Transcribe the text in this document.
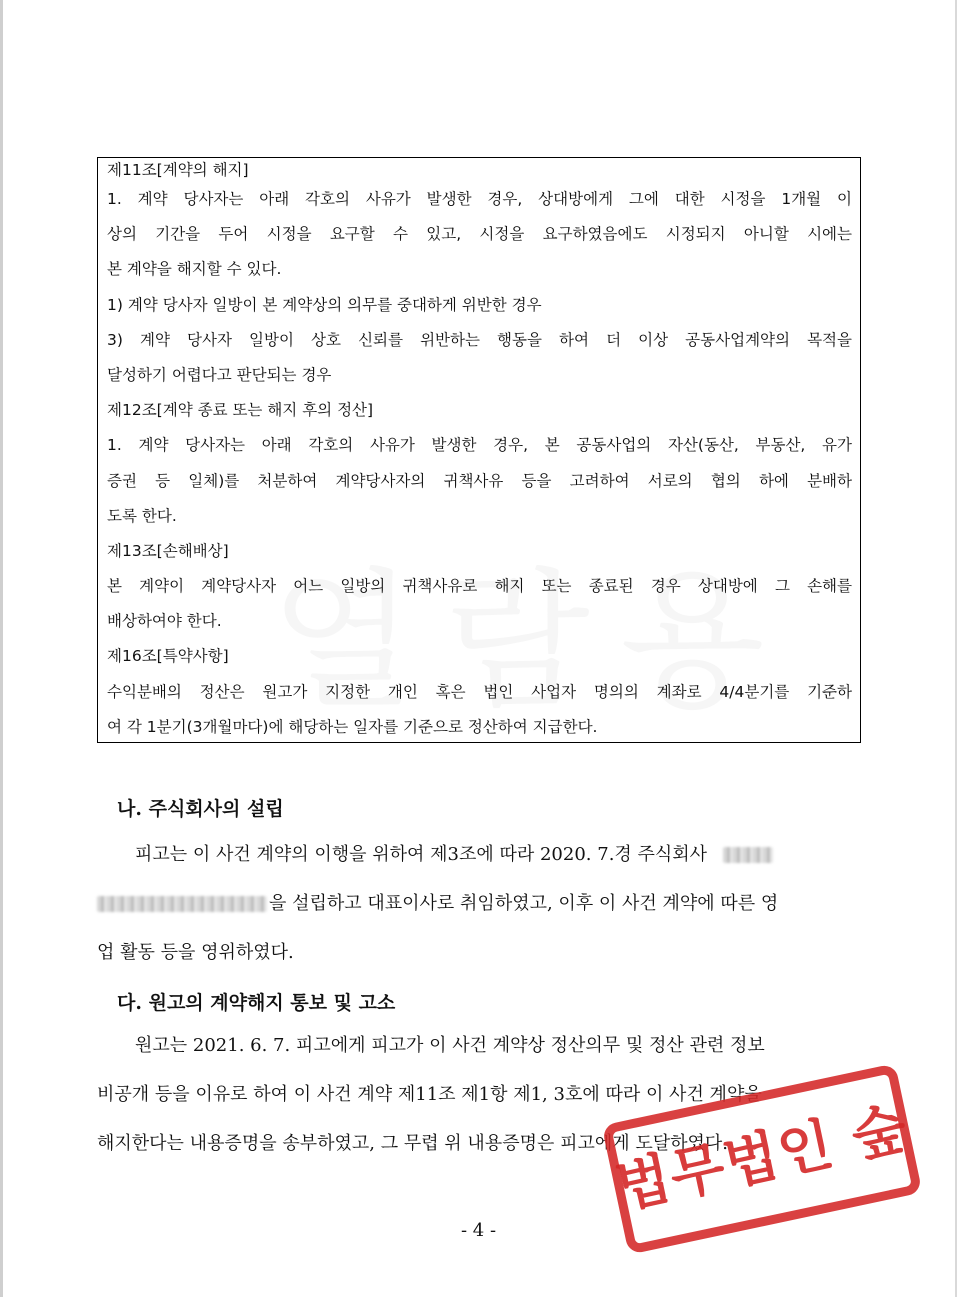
제11조[계약의 해지]
1. 계약 당사자는 아래 각호의 사유가 발생한 경우, 상대방에게 그에 대한 시정을 1개월 이
상의 기간을 두어 시정을 요구할 수 있고, 시정을 요구하였음에도 시정되지 아니할 시에는
본 계약을 해지할 수 있다.
1) 계약 당사자 일방이 본 계약상의 의무를 중대하게 위반한 경우
3) 계약 당사자 일방이 상호 신뢰를 위반하는 행동을 하여 더 이상 공동사업계약의 목적을
달성하기 어렵다고 판단되는 경우
제12조[계약 종료 또는 해지 후의 정산]
1. 계약 당사자는 아래 각호의 사유가 발생한 경우, 본 공동사업의 자산(동산, 부동산, 유가
증권 등 일체)를 처분하여 계약당사자의 귀책사유 등을 고려하여 서로의 협의 하에 분배하
도록 한다.
제13조[손해배상]
본 계약이 계약당사자 어느 일방의 귀책사유로 해지 또는 종료된 경우 상대방에 그 손해를
배상하여야 한다.
제16조[특약사항]
수익분배의 정산은 원고가 지정한 개인 혹은 법인 사업자 명의의 계좌로 4/4분기를 기준하
여 각 1분기(3개월마다)에 해당하는 일자를 기준으로 정산하여 지급한다.
나. 주식회사의 설립
피고는 이 사건 계약의 이행을 위하여 제3조에 따라 2020. 7.경 주식회사
을 설립하고 대표이사로 취임하였고, 이후 이 사건 계약에 따른 영
업 활동 등을 영위하였다.
다. 원고의 계약해지 통보 및 고소
원고는 2021. 6. 7. 피고에게 피고가 이 사건 계약상 정산의무 및 정산 관련 정보
비공개 등을 이유로 하여 이 사건 계약 제11조 제1항 제1, 3호에 따라 이 사건 계약을
해지한다는 내용증명을 송부하였고, 그 무렵 위 내용증명은 피고에게 도달하였다.
- 4 -
법무법인 숲
